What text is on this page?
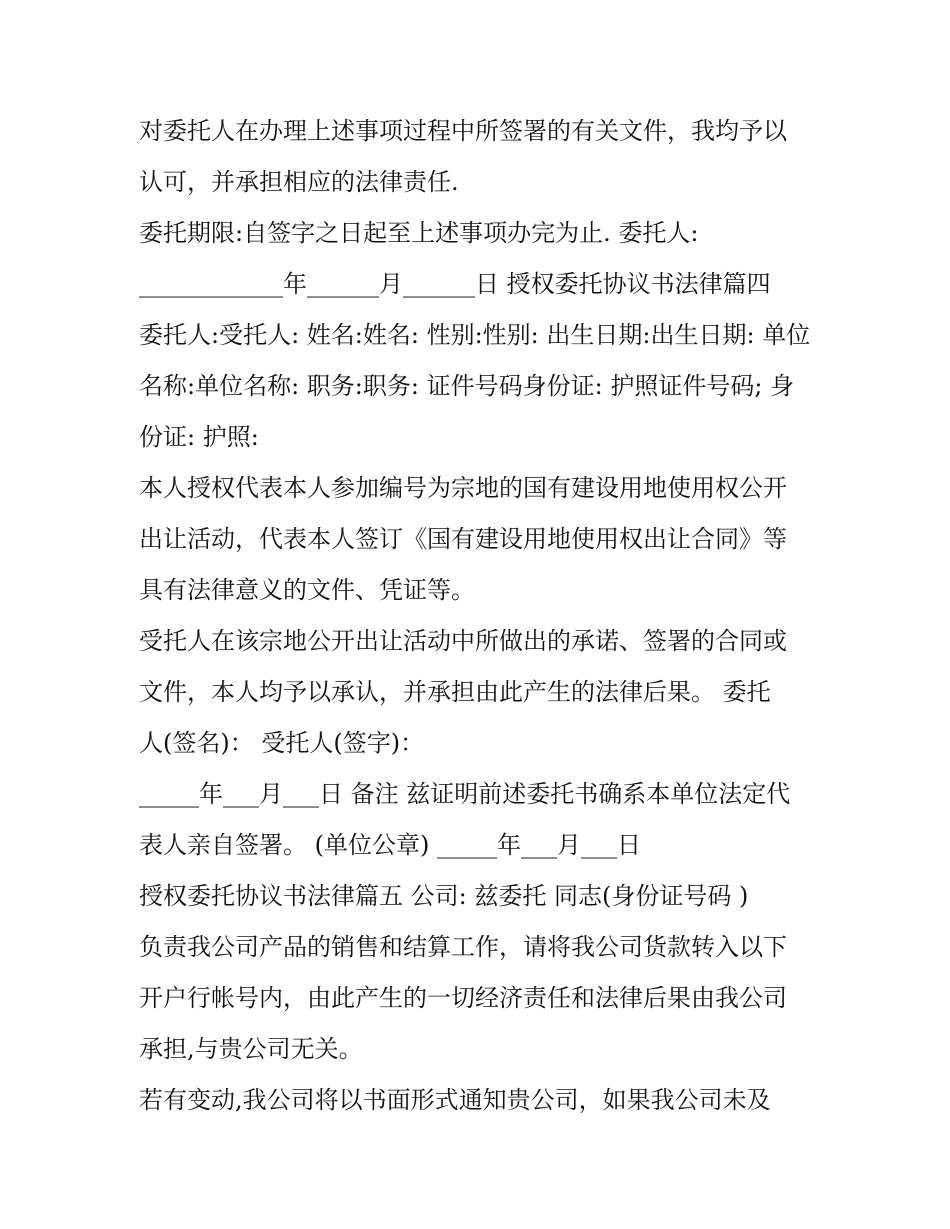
对委托人在办理上述事项过程中所签署的有关文件，我均予以
认可，并承担相应的法律责任.
委托期限:自签字之日起至上述事项办完为止. 委托人:
____________年______月______日 授权委托协议书法律篇四
委托人:受托人: 姓名:姓名: 性别:性别: 出生日期:出生日期: 单位
名称:单位名称: 职务:职务: 证件号码身份证: 护照证件号码; 身
份证: 护照:
本人授权代表本人参加编号为宗地的国有建设用地使用权公开
出让活动，代表本人签订《国有建设用地使用权出让合同》等
具有法律意义的文件、凭证等。
受托人在该宗地公开出让活动中所做出的承诺、签署的合同或
文件，本人均予以承认，并承担由此产生的法律后果。 委托
人(签名)： 受托人(签字)：
_____年___月___日 备注 兹证明前述委托书确系本单位法定代
表人亲自签署。 (单位公章) _____年___月___日
授权委托协议书法律篇五 公司: 兹委托 同志(身份证号码 )
负责我公司产品的销售和结算工作，请将我公司货款转入以下
开户行帐号内，由此产生的一切经济责任和法律后果由我公司
承担,与贵公司无关。
若有变动,我公司将以书面形式通知贵公司，如果我公司未及
